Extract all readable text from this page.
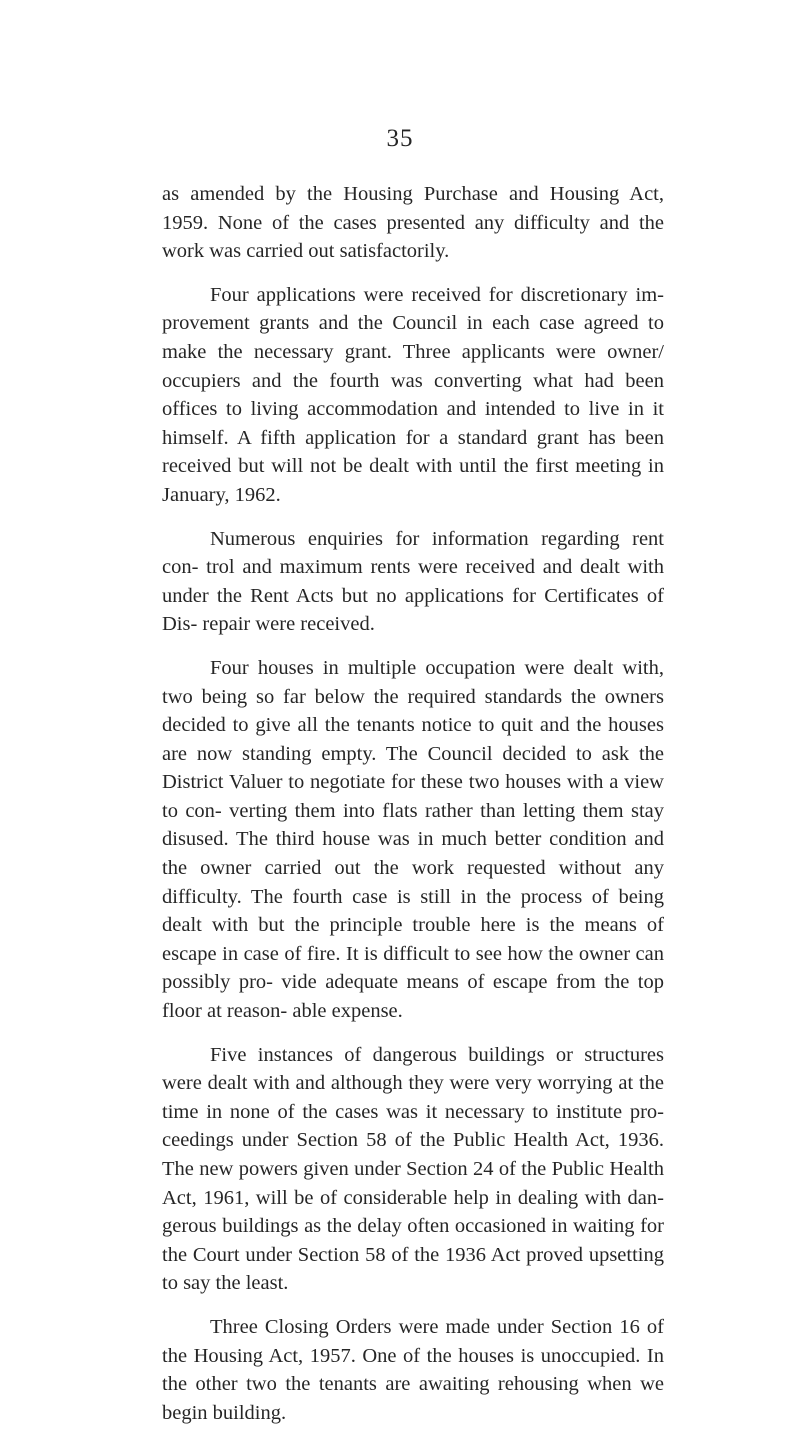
35

as amended by the Housing Purchase and Housing Act, 1959. None of the cases presented any difficulty and the work was carried out satisfactorily.

Four applications were received for discretionary im- provement grants and the Council in each case agreed to make the necessary grant. Three applicants were owner/ occupiers and the fourth was converting what had been offices to living accommodation and intended to live in it himself. A fifth application for a standard grant has been received but will not be dealt with until the first meeting in January, 1962.

Numerous enquiries for information regarding rent con- trol and maximum rents were received and dealt with under the Rent Acts but no applications for Certificates of Dis- repair were received.

Four houses in multiple occupation were dealt with, two being so far below the required standards the owners decided to give all the tenants notice to quit and the houses are now standing empty. The Council decided to ask the District Valuer to negotiate for these two houses with a view to con- verting them into flats rather than letting them stay disused. The third house was in much better condition and the owner carried out the work requested without any difficulty. The fourth case is still in the process of being dealt with but the principle trouble here is the means of escape in case of fire. It is difficult to see how the owner can possibly pro- vide adequate means of escape from the top floor at reason- able expense.

Five instances of dangerous buildings or structures were dealt with and although they were very worrying at the time in none of the cases was it necessary to institute pro- ceedings under Section 58 of the Public Health Act, 1936. The new powers given under Section 24 of the Public Health Act, 1961, will be of considerable help in dealing with dan- gerous buildings as the delay often occasioned in waiting for the Court under Section 58 of the 1936 Act proved upsetting to say the least.

Three Closing Orders were made under Section 16 of the Housing Act, 1957. One of the houses is unoccupied. In the other two the tenants are awaiting rehousing when we begin building.
